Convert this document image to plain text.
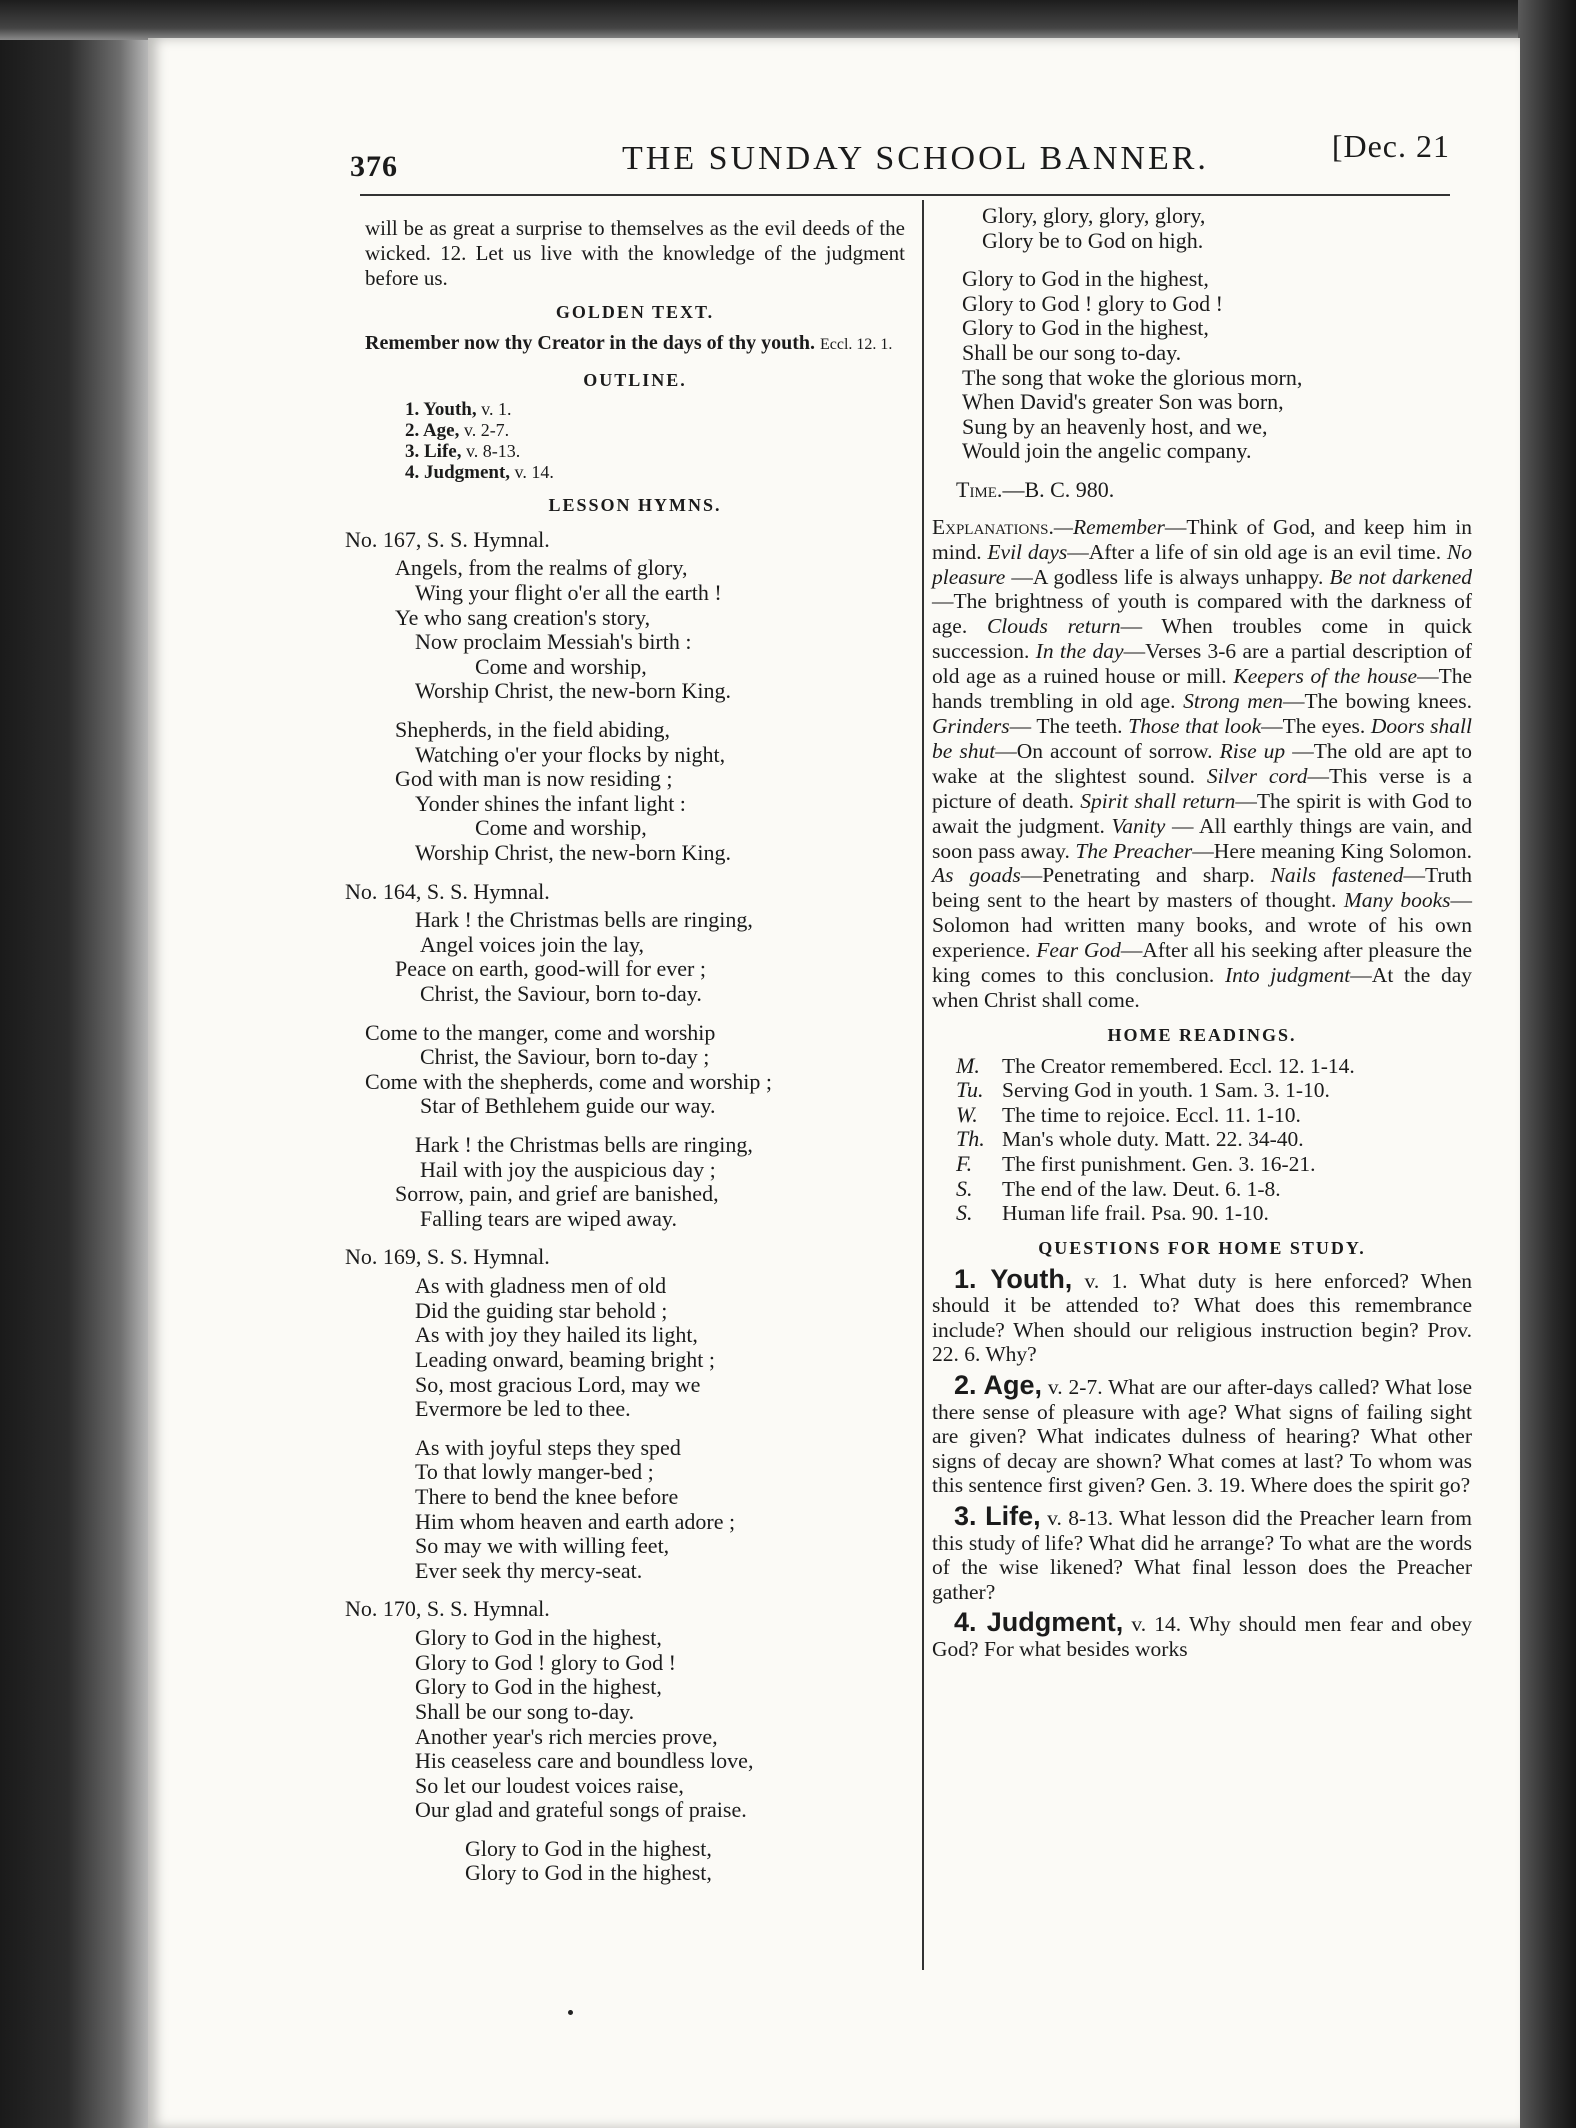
376	THE SUNDAY SCHOOL BANNER.	[Dec. 21

will be as great a surprise to themselves as the evil deeds of the wicked. 12. Let us live with the knowledge of the judgment before us.

GOLDEN TEXT.

Remember now thy Creator in the days of thy youth. Eccl. 12. 1.

OUTLINE.
1. Youth, v. 1.
2. Age, v. 2-7.
3. Life, v. 8-13.
4. Judgment, v. 14.
LESSON HYMNS.
No. 167, S. S. Hymnal.
Angels, from the realms of glory,
Wing your flight o'er all the earth !
Ye who sang creation's story,
Now proclaim Messiah's birth :
Come and worship,
Worship Christ, the new-born King.
Shepherds, in the field abiding,
Watching o'er your flocks by night,
God with man is now residing ;
Yonder shines the infant light :
Come and worship,
Worship Christ, the new-born King.
No. 164, S. S. Hymnal.
Hark ! the Christmas bells are ringing,
Angel voices join the lay,
Peace on earth, good-will for ever ;
Christ, the Saviour, born to-day.
Come to the manger, come and worship
Christ, the Saviour, born to-day ;
Come with the shepherds, come and worship ;
Star of Bethlehem guide our way.
Hark ! the Christmas bells are ringing,
Hail with joy the auspicious day ;
Sorrow, pain, and grief are banished,
Falling tears are wiped away.
No. 169, S. S. Hymnal.
As with gladness men of old
Did the guiding star behold ;
As with joy they hailed its light,
Leading onward, beaming bright ;
So, most gracious Lord, may we
Evermore be led to thee.
As with joyful steps they sped
To that lowly manger-bed ;
There to bend the knee before
Him whom heaven and earth adore ;
So may we with willing feet,
Ever seek thy mercy-seat.
No. 170, S. S. Hymnal.
Glory to God in the highest,
Glory to God ! glory to God !
Glory to God in the highest,
Shall be our song to-day.
Another year's rich mercies prove,
His ceaseless care and boundless love,
So let our loudest voices raise,
Our glad and grateful songs of praise.
Glory to God in the highest,
Glory to God in the highest,
Glory, glory, glory, glory,
Glory be to God on high.
Glory to God in the highest,
Glory to God ! glory to God !
Glory to God in the highest,
Shall be our song to-day.
The song that woke the glorious morn,
When David's greater Son was born,
Sung by an heavenly host, and we,
Would join the angelic company.

Time.—B. C. 980.

Explanations.—Remember—Think of God, and keep him in mind. Evil days—After a life of sin old age is an evil time. No pleasure —A godless life is always unhappy. Be not darkened—The brightness of youth is compared with the darkness of age. Clouds return— When troubles come in quick succession. In the day—Verses 3-6 are a partial description of old age as a ruined house or mill. Keepers of the house—The hands trembling in old age. Strong men—The bowing knees. Grinders— The teeth. Those that look—The eyes. Doors shall be shut—On account of sorrow. Rise up —The old are apt to wake at the slightest sound. Silver cord—This verse is a picture of death. Spirit shall return—The spirit is with God to await the judgment. Vanity — All earthly things are vain, and soon pass away. The Preacher—Here meaning King Solomon. As goads—Penetrating and sharp. Nails fastened—Truth being sent to the heart by masters of thought. Many books—Solomon had written many books, and wrote of his own experience. Fear God—After all his seeking after pleasure the king comes to this conclusion. Into judgment—At the day when Christ shall come.

HOME READINGS.
M. The Creator remembered. Eccl. 12. 1-14.
Tu. Serving God in youth. 1 Sam. 3. 1-10.
W. The time to rejoice. Eccl. 11. 1-10.
Th. Man's whole duty. Matt. 22. 34-40.
F. The first punishment. Gen. 3. 16-21.
S. The end of the law. Deut. 6. 1-8.
S. Human life frail. Psa. 90. 1-10.
QUESTIONS FOR HOME STUDY.

1. Youth, v. 1. What duty is here enforced? When should it be attended to? What does this remembrance include? When should our religious instruction begin? Prov. 22. 6. Why?

2. Age, v. 2-7. What are our after-days called? What lose there sense of pleasure with age? What signs of failing sight are given? What indicates dulness of hearing? What other signs of decay are shown? What comes at last? To whom was this sentence first given? Gen. 3. 19. Where does the spirit go?

3. Life, v. 8-13. What lesson did the Preacher learn from this study of life? What did he arrange? To what are the words of the wise likened? What final lesson does the Preacher gather?

4. Judgment, v. 14. Why should men fear and obey God? For what besides works
